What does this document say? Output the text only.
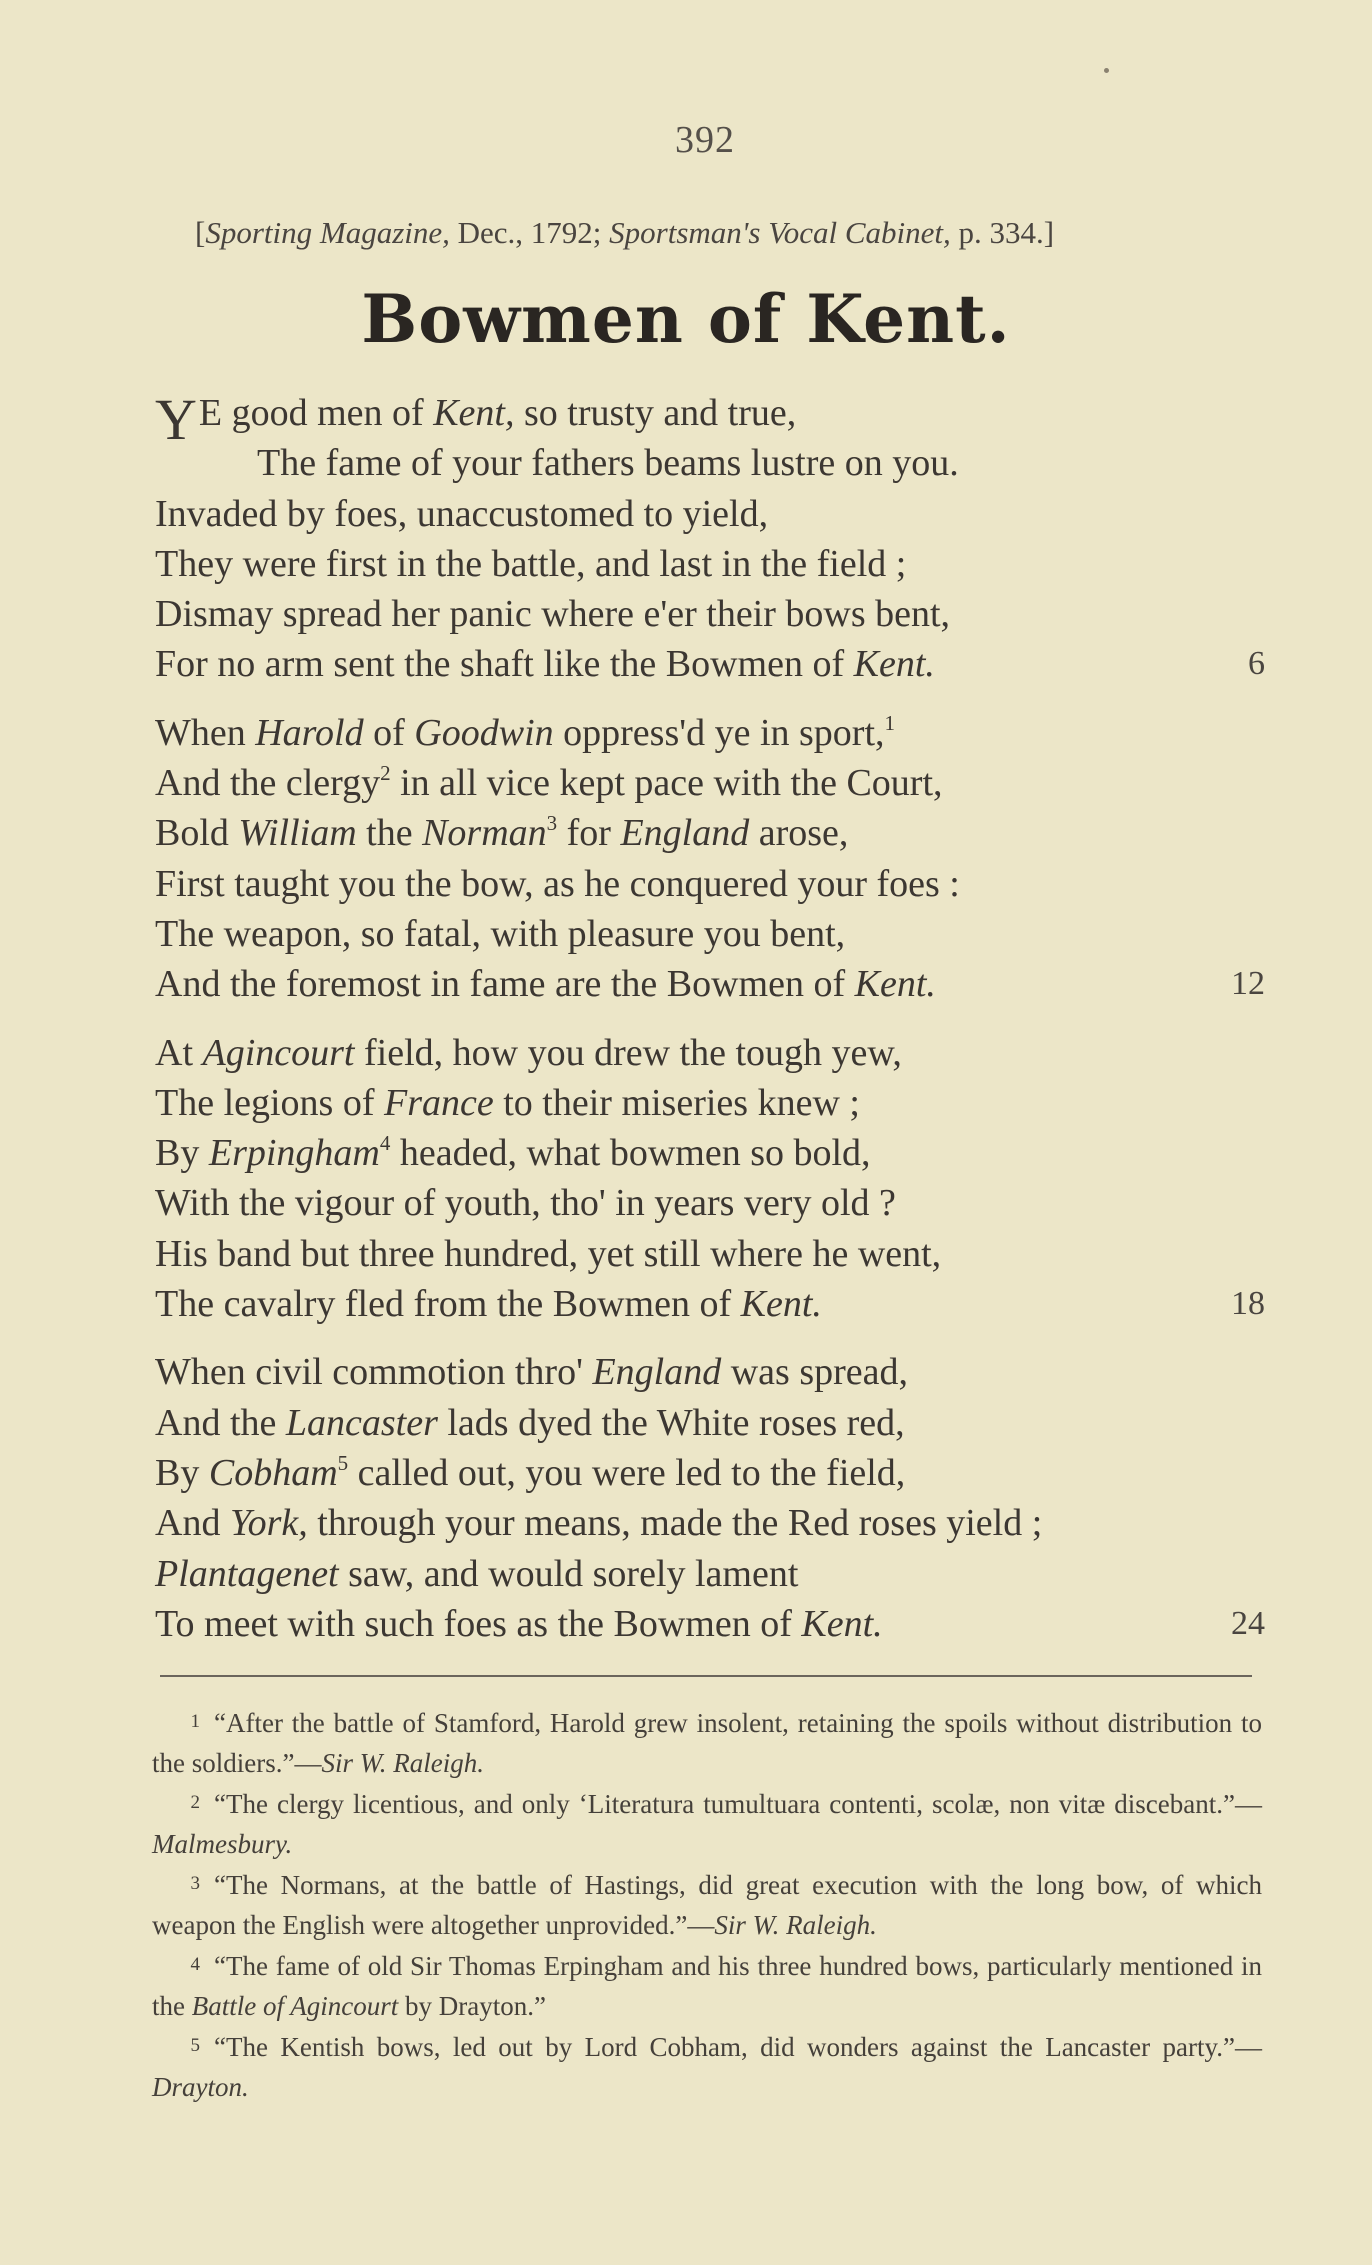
392
[Sporting Magazine, Dec., 1792; Sportsman's Vocal Cabinet, p. 334.]
Bowmen of Kent.
YE good men of Kent, so trusty and true,
The fame of your fathers beams lustre on you.
Invaded by foes, unaccustomed to yield,
They were first in the battle, and last in the field ;
Dismay spread her panic where e'er their bows bent,
For no arm sent the shaft like the Bowmen of Kent.	6
When Harold of Goodwin oppress'd ye in sport,$^1$
And the clergy$^2$ in all vice kept pace with the Court,
Bold William the Norman$^3$ for England arose,
First taught you the bow, as he conquered your foes :
The weapon, so fatal, with pleasure you bent,
And the foremost in fame are the Bowmen of Kent.	12
At Agincourt field, how you drew the tough yew,
The legions of France to their miseries knew ;
By Erpingham$^4$ headed, what bowmen so bold,
With the vigour of youth, tho' in years very old ?
His band but three hundred, yet still where he went,
The cavalry fled from the Bowmen of Kent.	18
When civil commotion thro' England was spread,
And the Lancaster lads dyed the White roses red,
By Cobham$^5$ called out, you were led to the field,
And York, through your means, made the Red roses yield ;
Plantagenet saw, and would sorely lament
To meet with such foes as the Bowmen of Kent.	24
1 “After the battle of Stamford, Harold grew insolent, retaining the spoils without distribution to the soldiers.”—Sir W. Raleigh.
2 “The clergy licentious, and only ‘Literatura tumultuara contenti, scolæ, non vitæ discebant.”—Malmesbury.
3 “The Normans, at the battle of Hastings, did great execution with the long bow, of which weapon the English were altogether unprovided.”—Sir W. Raleigh.
4 “The fame of old Sir Thomas Erpingham and his three hundred bows, particularly mentioned in the Battle of Agincourt by Drayton.”
5 “The Kentish bows, led out by Lord Cobham, did wonders against the Lancaster party.”—Drayton.
